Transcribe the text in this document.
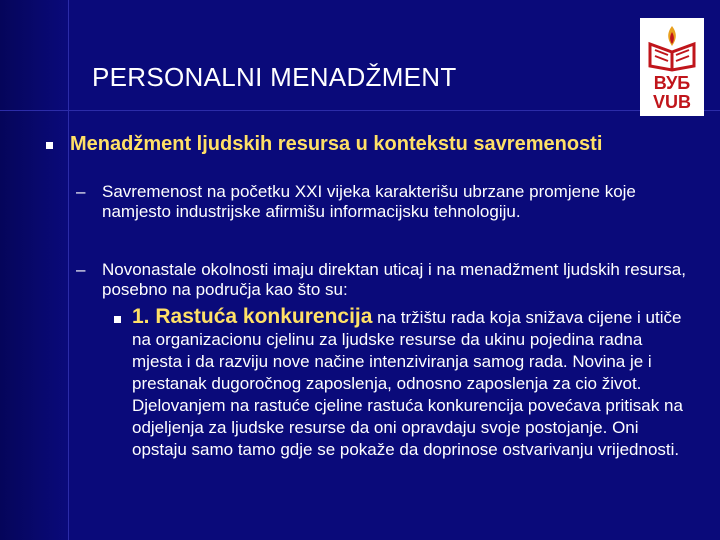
PERSONALNI MENADŽMENT	ВУБ
VUB
Menadžment ljudskih resursa u kontekstu savremenosti
– Savremenost na početku XXI vijeka karakterišu ubrzane promjene koje namjesto industrijske afirmišu informacijsku tehnologiju.
– Novonastale okolnosti imaju direktan uticaj i na menadžment ljudskih resursa, posebno na područja kao što su:
1. Rastuća konkurencija na tržištu rada koja snižava cijene i utiče na organizacionu cjelinu za ljudske resurse da ukinu pojedina radna mjesta i da razviju nove načine intenziviranja samog rada. Novina je i prestanak dugoročnog zaposlenja, odnosno zaposlenja za cio život. Djelovanjem na rastuće cjeline rastuća konkurencija povećava pritisak na odjeljenja za ljudske resurse da oni opravdaju svoje postojanje. Oni opstaju samo tamo gdje se pokaže da doprinose ostvarivanju vrijednosti.
